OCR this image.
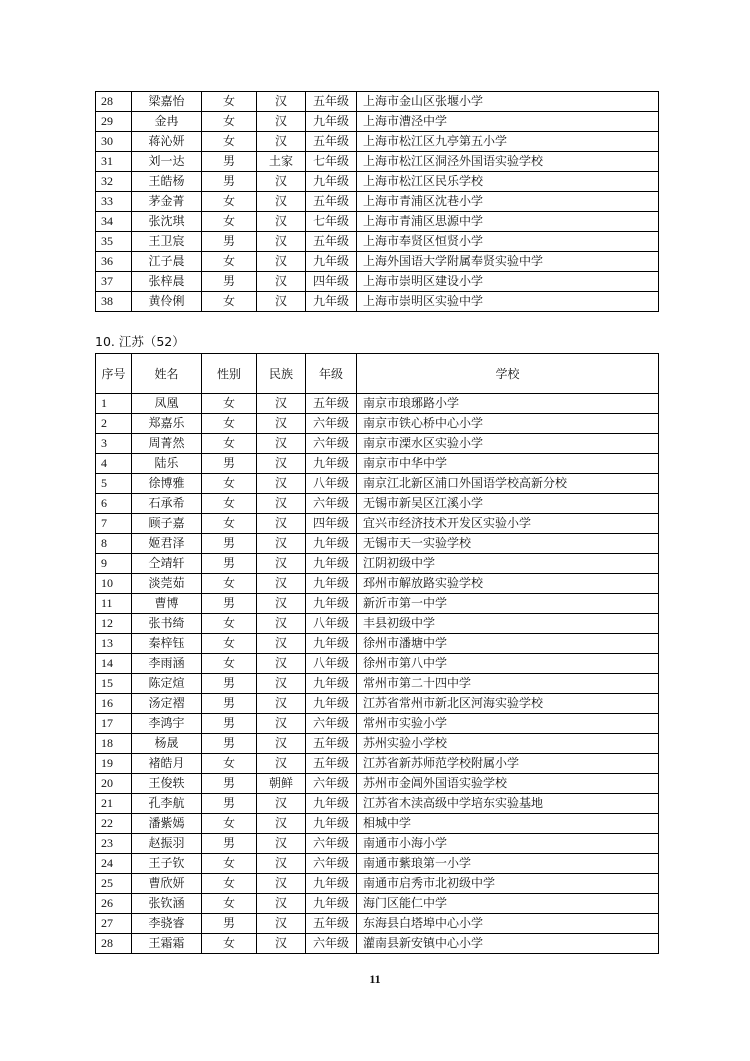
28	梁嘉怡	女	汉	五年级	上海市金山区张堰小学
29	金冉	女	汉	九年级	上海市漕泾中学
30	蒋沁妍	女	汉	五年级	上海市松江区九亭第五小学
31	刘一达	男	土家	七年级	上海市松江区洞泾外国语实验学校
32	王皓杨	男	汉	九年级	上海市松江区民乐学校
33	茅金菁	女	汉	五年级	上海市青浦区沈巷小学
34	张沈琪	女	汉	七年级	上海市青浦区思源中学
35	王卫宸	男	汉	五年级	上海市奉贤区恒贤小学
36	江子晨	女	汉	九年级	上海外国语大学附属奉贤实验中学
37	张梓晨	男	汉	四年级	上海市崇明区建设小学
38	黄伶俐	女	汉	九年级	上海市崇明区实验中学
10. 江苏（52）
序号	姓名	性别	民族	年级	学校
1	凤凰	女	汉	五年级	南京市琅琊路小学
2	郑嘉乐	女	汉	六年级	南京市铁心桥中心小学
3	周菁然	女	汉	六年级	南京市溧水区实验小学
4	陆乐	男	汉	九年级	南京市中华中学
5	徐博雅	女	汉	八年级	南京江北新区浦口外国语学校高新分校
6	石承希	女	汉	六年级	无锡市新吴区江溪小学
7	顾子嘉	女	汉	四年级	宜兴市经济技术开发区实验小学
8	姬君泽	男	汉	九年级	无锡市天一实验学校
9	仝靖轩	男	汉	九年级	江阴初级中学
10	淡莞茹	女	汉	九年级	邳州市解放路实验学校
11	曹博	男	汉	九年级	新沂市第一中学
12	张书绮	女	汉	八年级	丰县初级中学
13	秦梓钰	女	汉	九年级	徐州市潘塘中学
14	李雨涵	女	汉	八年级	徐州市第八中学
15	陈定煊	男	汉	九年级	常州市第二十四中学
16	汤定褶	男	汉	九年级	江苏省常州市新北区河海实验学校
17	李鸿宇	男	汉	六年级	常州市实验小学
18	杨晟	男	汉	五年级	苏州实验小学校
19	褚皓月	女	汉	五年级	江苏省新苏师范学校附属小学
20	王俊轶	男	朝鲜	六年级	苏州市金阊外国语实验学校
21	孔李航	男	汉	九年级	江苏省木渎高级中学培东实验基地
22	潘紫嫣	女	汉	九年级	相城中学
23	赵振羽	男	汉	六年级	南通市小海小学
24	王子钦	女	汉	六年级	南通市紫琅第一小学
25	曹欣妍	女	汉	九年级	南通市启秀市北初级中学
26	张钦涵	女	汉	九年级	海门区能仁中学
27	李骁睿	男	汉	五年级	东海县白塔埠中心小学
28	王霜霜	女	汉	六年级	灌南县新安镇中心小学
11
